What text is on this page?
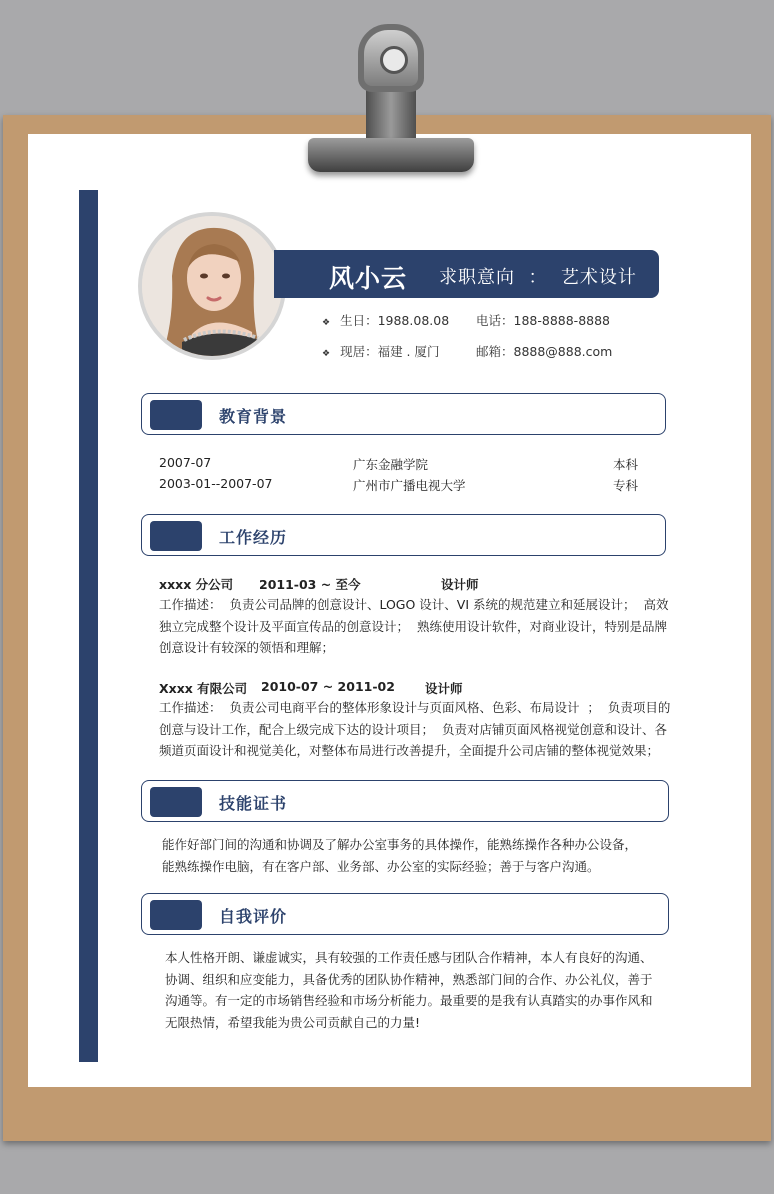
风小云 求职意向  ：  艺术设计
❖ 生日：1988.08.08 电话：188-8888-8888
❖ 现居：福建 . 厦门	邮箱：8888@888.com
教育背景
2007-07	广东金融学院	本科
2003-01--2007-07	广州市广播电视大学	专科
工作经历
xxxx 分公司 2011-03 ~ 至今	设计师
工作描述：  负责公司品牌的创意设计、LOGO 设计、VI 系统的规范建立和延展设计；  高效
独立完成整个设计及平面宣传品的创意设计；  熟练使用设计软件，对商业设计，特别是品牌
创意设计有较深的领悟和理解；
Xxxx 有限公司 2010-07 ~ 2011-02 设计师
工作描述：  负责公司电商平台的整体形象设计与页面风格、色彩、布局设计  ；  负责项目的
创意与设计工作，配合上级完成下达的设计项目；  负责对店铺页面风格视觉创意和设计、各
频道页面设计和视觉美化，对整体布局进行改善提升，全面提升公司店铺的整体视觉效果；
技能证书
能作好部门间的沟通和协调及了解办公室事务的具体操作，能熟练操作各种办公设备，
能熟练操作电脑，有在客户部、业务部、办公室的实际经验；善于与客户沟通。
自我评价
本人性格开朗、谦虚诚实，具有较强的工作责任感与团队合作精神，本人有良好的沟通、
协调、组织和应变能力，具备优秀的团队协作精神，熟悉部门间的合作、办公礼仪，善于
沟通等。有一定的市场销售经验和市场分析能力。最重要的是我有认真踏实的办事作风和
无限热情，希望我能为贵公司贡献自己的力量!
